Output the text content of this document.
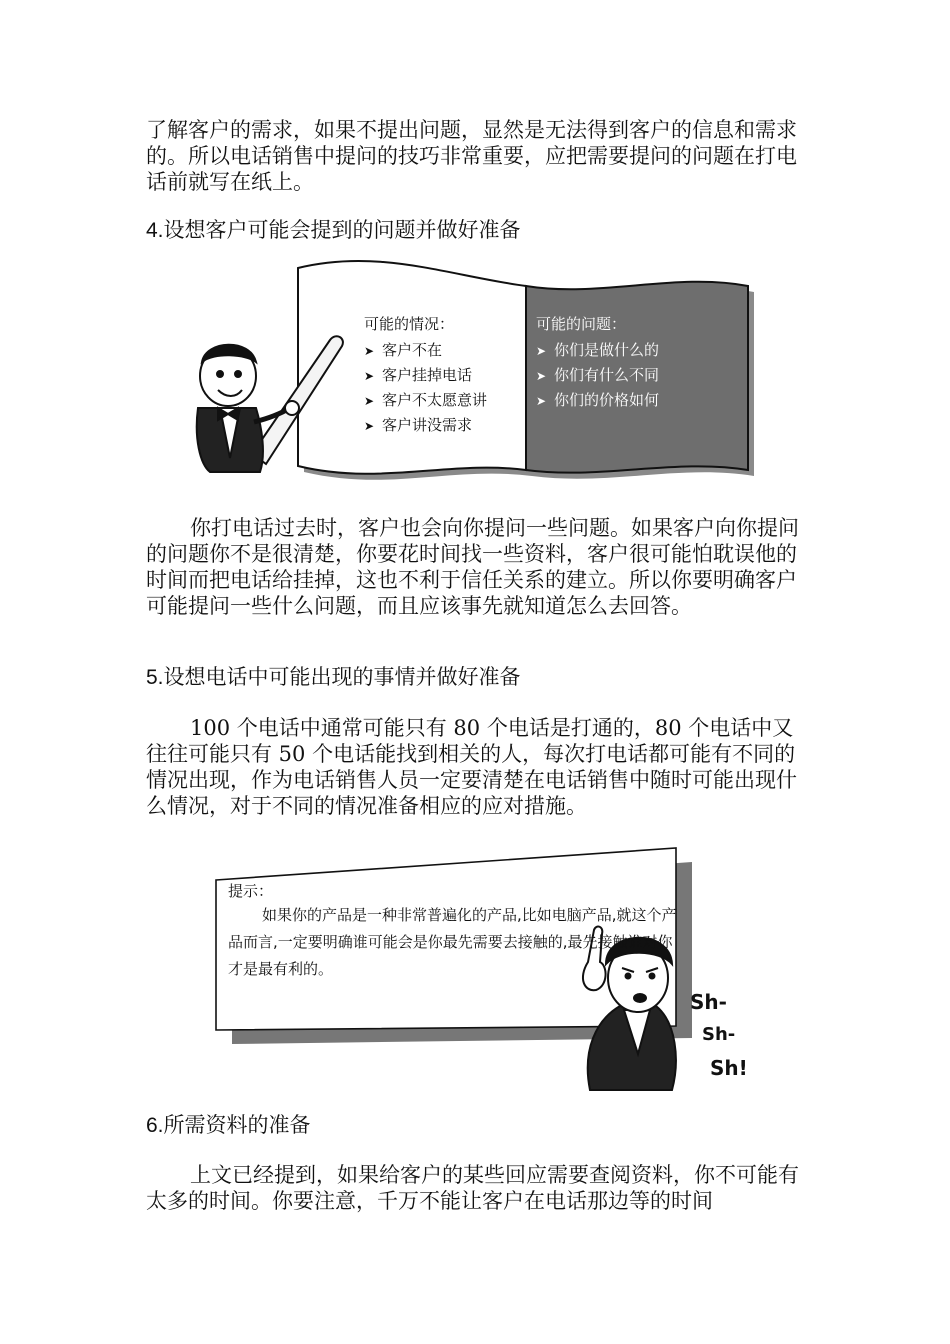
了解客户的需求，如果不提出问题，显然是无法得到客户的信息和需求的。所以电话销售中提问的技巧非常重要，应把需要提问的问题在打电话前就写在纸上。

4.设想客户可能会提到的问题并做好准备

可能的情况：
➤ 客户不在
➤ 客户挂掉电话
➤ 客户不太愿意讲
➤ 客户讲没需求
可能的问题：
➤ 你们是做什么的
➤ 你们有什么不同
➤ 你们的价格如何

你打电话过去时，客户也会向你提问一些问题。如果客户向你提问的问题你不是很清楚，你要花时间找一些资料，客户很可能怕耽误他的时间而把电话给挂掉，这也不利于信任关系的建立。所以你要明确客户可能提问一些什么问题，而且应该事先就知道怎么去回答。

5.设想电话中可能出现的事情并做好准备

100 个电话中通常可能只有 80 个电话是打通的，80 个电话中又往往可能只有 50 个电话能找到相关的人，每次打电话都可能有不同的情况出现，作为电话销售人员一定要清楚在电话销售中随时可能出现什么情况，对于不同的情况准备相应的应对措施。

提示：
如果你的产品是一种非常普遍化的产品,比如电脑产品,就这个产品而言,一定要明确谁可能会是你最先需要去接触的,最先接触谁对你才是最有利的。
Sh-
Sh-
Sh!

6.所需资料的准备

上文已经提到，如果给客户的某些回应需要查阅资料，你不可能有太多的时间。你要注意，千万不能让客户在电话那边等的时间
